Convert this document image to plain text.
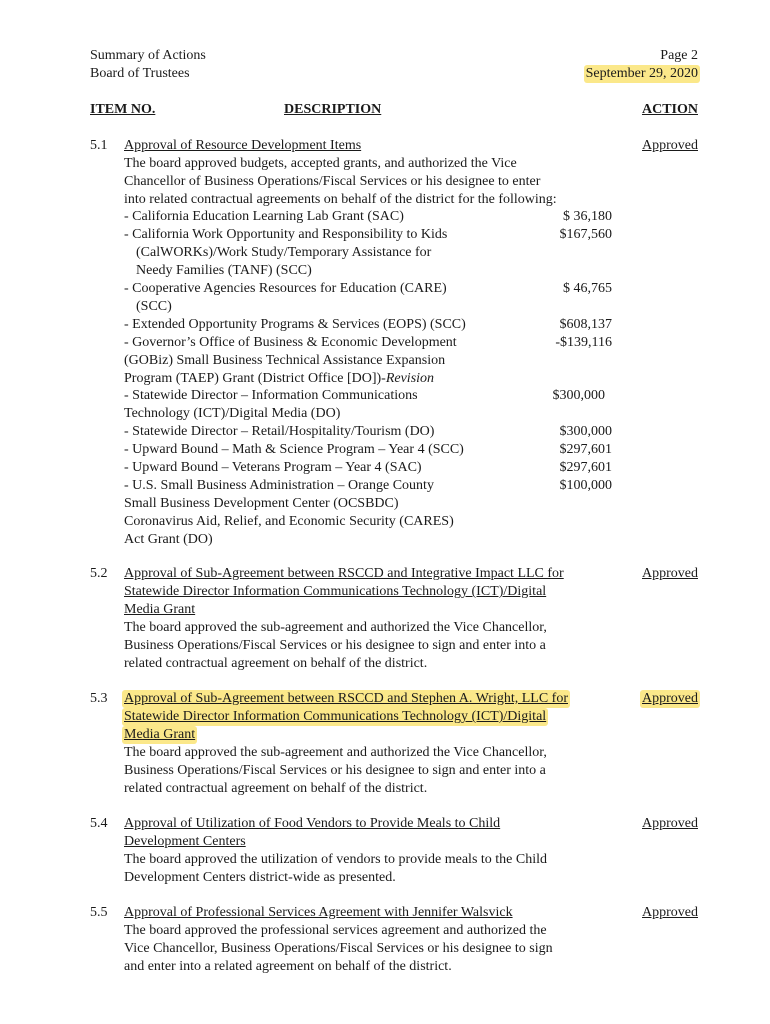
Summary of Actions
Board of Trustees
Page 2
September 29, 2020
ITEM NO.	DESCRIPTION	ACTION
5.1 Approval of Resource Development Items	Approved
The board approved budgets, accepted grants, and authorized the Vice
Chancellor of Business Operations/Fiscal Services or his designee to enter
into related contractual agreements on behalf of the district for the following:
- California Education Learning Lab Grant (SAC)	$ 36,180
- California Work Opportunity and Responsibility to Kids	$167,560
(CalWORKs)/Work Study/Temporary Assistance for
Needy Families (TANF) (SCC)
- Cooperative Agencies Resources for Education (CARE)	$ 46,765
(SCC)
- Extended Opportunity Programs & Services (EOPS) (SCC)	$608,137
- Governor’s Office of Business & Economic Development	-$139,116
(GOBiz) Small Business Technical Assistance Expansion
Program (TAEP) Grant (District Office [DO])-Revision
- Statewide Director – Information Communications	$300,000
Technology (ICT)/Digital Media (DO)
- Statewide Director – Retail/Hospitality/Tourism (DO)	$300,000
- Upward Bound – Math & Science Program – Year 4 (SCC)	$297,601
- Upward Bound – Veterans Program – Year 4 (SAC)	$297,601
- U.S. Small Business Administration – Orange County	$100,000
Small Business Development Center (OCSBDC)
Coronavirus Aid, Relief, and Economic Security (CARES)
Act Grant (DO)
5.2 Approval of Sub-Agreement between RSCCD and Integrative Impact LLC for
Statewide Director Information Communications Technology (ICT)/Digital
Media Grant
Approved
The board approved the sub-agreement and authorized the Vice Chancellor,
Business Operations/Fiscal Services or his designee to sign and enter into a
related contractual agreement on behalf of the district.
5.3 Approval of Sub-Agreement between RSCCD and Stephen A. Wright, LLC for
Statewide Director Information Communications Technology (ICT)/Digital
Media Grant
Approved
The board approved the sub-agreement and authorized the Vice Chancellor,
Business Operations/Fiscal Services or his designee to sign and enter into a
related contractual agreement on behalf of the district.
5.4 Approval of Utilization of Food Vendors to Provide Meals to Child
Development Centers
Approved
The board approved the utilization of vendors to provide meals to the Child
Development Centers district-wide as presented.
5.5 Approval of Professional Services Agreement with Jennifer Walsvick	Approved
The board approved the professional services agreement and authorized the
Vice Chancellor, Business Operations/Fiscal Services or his designee to sign
and enter into a related agreement on behalf of the district.
